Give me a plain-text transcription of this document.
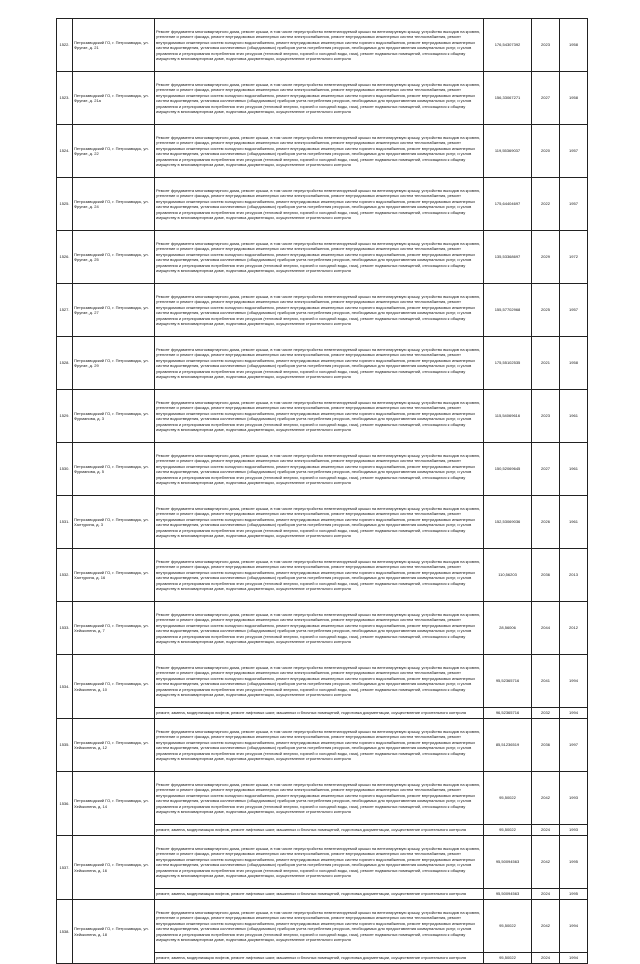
1522.	Петрозаводский ГО, г. Петрозаводск, ул. Фрунзе, д. 21	Ремонт фундамента многоквартирного дома, ремонт крыши, в том числе переустройство невентилируемой крыши на вентилируемую крышу, устройство выходов на кровлю, утепление и ремонт фасада, ремонт внутридомовых инженерных систем электроснабжения, ремонт внутридомовых инженерных систем теплоснабжения, ремонт внутридомовых инженерных систем холодного водоснабжения, ремонт внутридомовых инженерных систем горячего водоснабжения, ремонт внутридомовых инженерных систем водоотведения, установка коллективных (общедомовых) приборов учета потребления ресурсов, необходимых для предоставления коммунальных услуг, и узлов управления и регулирования потребления этих ресурсов (тепловой энергии, горячей и холодной воды, газа), ремонт подвальных помещений, относящихся к общему имуществу в многоквартирном доме, подготовка документации, осуществление строительного контроля	176,54307392	2023	1958
1523.	Петрозаводский ГО, г. Петрозаводск, ул. Фрунзе, д. 21а	Ремонт фундамента многоквартирного дома, ремонт крыши, в том числе переустройство невентилируемой крыши на вентилируемую крышу, устройство выходов на кровлю, утепление и ремонт фасада, ремонт внутридомовых инженерных систем электроснабжения, ремонт внутридомовых инженерных систем теплоснабжения, ремонт внутридомовых инженерных систем холодного водоснабжения, ремонт внутридомовых инженерных систем горячего водоснабжения, ремонт внутридомовых инженерных систем водоотведения, установка коллективных (общедомовых) приборов учета потребления ресурсов, необходимых для предоставления коммунальных услуг, и узлов управления и регулирования потребления этих ресурсов (тепловой энергии, горячей и холодной воды, газа), ремонт подвальных помещений, относящихся к общему имуществу в многоквартирном доме, подготовка документации, осуществление строительного контроля	156,33067271	2027	1958
1524.	Петрозаводский ГО, г. Петрозаводск, ул. Фрунзе, д. 22	Ремонт фундамента многоквартирного дома, ремонт крыши, в том числе переустройство невентилируемой крыши на вентилируемую крышу, устройство выходов на кровлю, утепление и ремонт фасада, ремонт внутридомовых инженерных систем электроснабжения, ремонт внутридомовых инженерных систем теплоснабжения, ремонт внутридомовых инженерных систем холодного водоснабжения, ремонт внутридомовых инженерных систем горячего водоснабжения, ремонт внутридомовых инженерных систем водоотведения, установка коллективных (общедомовых) приборов учета потребления ресурсов, необходимых для предоставления коммунальных услуг, и узлов управления и регулирования потребления этих ресурсов (тепловой энергии, горячей и холодной воды, газа), ремонт подвальных помещений, относящихся к общему имуществу в многоквартирном доме, подготовка документации, осуществление строительного контроля	119,55369037	2020	1957
1525.	Петрозаводский ГО, г. Петрозаводск, ул. Фрунзе, д. 24	Ремонт фундамента многоквартирного дома, ремонт крыши, в том числе переустройство невентилируемой крыши на вентилируемую крышу, устройство выходов на кровлю, утепление и ремонт фасада, ремонт внутридомовых инженерных систем электроснабжения, ремонт внутридомовых инженерных систем теплоснабжения, ремонт внутридомовых инженерных систем холодного водоснабжения, ремонт внутридомовых инженерных систем горячего водоснабжения, ремонт внутридомовых инженерных систем водоотведения, установка коллективных (общедомовых) приборов учета потребления ресурсов, необходимых для предоставления коммунальных услуг, и узлов управления и регулирования потребления этих ресурсов (тепловой энергии, горячей и холодной воды, газа), ремонт подвальных помещений, относящихся к общему имуществу в многоквартирном доме, подготовка документации, осуществление строительного контроля	175,64404697	2022	1957
1526.	Петрозаводский ГО, г. Петрозаводск, ул. Фрунзе, д. 25	Ремонт фундамента многоквартирного дома, ремонт крыши, в том числе переустройство невентилируемой крыши на вентилируемую крышу, устройство выходов на кровлю, утепление и ремонт фасада, ремонт внутридомовых инженерных систем электроснабжения, ремонт внутридомовых инженерных систем теплоснабжения, ремонт внутридомовых инженерных систем холодного водоснабжения, ремонт внутридомовых инженерных систем горячего водоснабжения, ремонт внутридомовых инженерных систем водоотведения, установка коллективных (общедомовых) приборов учета потребления ресурсов, необходимых для предоставления коммунальных услуг, и узлов управления и регулирования потребления этих ресурсов (тепловой энергии, горячей и холодной воды, газа), ремонт подвальных помещений, относящихся к общему имуществу в многоквартирном доме, подготовка документации, осуществление строительного контроля	135,53368697	2029	1972
1527.	Петрозаводский ГО, г. Петрозаводск, ул. Фрунзе, д. 27	Ремонт фундамента многоквартирного дома, ремонт крыши, в том числе переустройство невентилируемой крыши на вентилируемую крышу, устройство выходов на кровлю, утепление и ремонт фасада, ремонт внутридомовых инженерных систем электроснабжения, ремонт внутридомовых инженерных систем теплоснабжения, ремонт внутридомовых инженерных систем холодного водоснабжения, ремонт внутридомовых инженерных систем горячего водоснабжения, ремонт внутридомовых инженерных систем водоотведения, установка коллективных (общедомовых) приборов учета потребления ресурсов, необходимых для предоставления коммунальных услуг, и узлов управления и регулирования потребления этих ресурсов (тепловой энергии, горячей и холодной воды, газа), ремонт подвальных помещений, относящихся к общему имуществу в многоквартирном доме, подготовка документации, осуществление строительного контроля	155,57702968	2025	1957
1528.	Петрозаводский ГО, г. Петрозаводск, ул. Фрунзе, д. 29	Ремонт фундамента многоквартирного дома, ремонт крыши, в том числе переустройство невентилируемой крыши на вентилируемую крышу, устройство выходов на кровлю, утепление и ремонт фасада, ремонт внутридомовых инженерных систем электроснабжения, ремонт внутридомовых инженерных систем теплоснабжения, ремонт внутридомовых инженерных систем холодного водоснабжения, ремонт внутридомовых инженерных систем горячего водоснабжения, ремонт внутридомовых инженерных систем водоотведения, установка коллективных (общедомовых) приборов учета потребления ресурсов, необходимых для предоставления коммунальных услуг, и узлов управления и регулирования потребления этих ресурсов (тепловой энергии, горячей и холодной воды, газа), ремонт подвальных помещений, относящихся к общему имуществу в многоквартирном доме, подготовка документации, осуществление строительного контроля	175,55102535	2021	1958
1529.	Петрозаводский ГО, г. Петрозаводск, ул. Фурманова, д. 3	Ремонт фундамента многоквартирного дома, ремонт крыши, в том числе переустройство невентилируемой крыши на вентилируемую крышу, устройство выходов на кровлю, утепление и ремонт фасада, ремонт внутридомовых инженерных систем электроснабжения, ремонт внутридомовых инженерных систем теплоснабжения, ремонт внутридомовых инженерных систем холодного водоснабжения, ремонт внутридомовых инженерных систем горячего водоснабжения, ремонт внутридомовых инженерных систем водоотведения, установка коллективных (общедомовых) приборов учета потребления ресурсов, необходимых для предоставления коммунальных услуг, и узлов управления и регулирования потребления этих ресурсов (тепловой энергии, горячей и холодной воды, газа), ремонт подвальных помещений, относящихся к общему имуществу в многоквартирном доме, подготовка документации, осуществление строительного контроля	115,54069616	2023	1961
1530.	Петрозаводский ГО, г. Петрозаводск, ул. Фурманова, д. 5	Ремонт фундамента многоквартирного дома, ремонт крыши, в том числе переустройство невентилируемой крыши на вентилируемую крышу, устройство выходов на кровлю, утепление и ремонт фасада, ремонт внутридомовых инженерных систем электроснабжения, ремонт внутридомовых инженерных систем теплоснабжения, ремонт внутридомовых инженерных систем холодного водоснабжения, ремонт внутридомовых инженерных систем горячего водоснабжения, ремонт внутридомовых инженерных систем водоотведения, установка коллективных (общедомовых) приборов учета потребления ресурсов, необходимых для предоставления коммунальных услуг, и узлов управления и регулирования потребления этих ресурсов (тепловой энергии, горячей и холодной воды, газа), ремонт подвальных помещений, относящихся к общему имуществу в многоквартирном доме, подготовка документации, осуществление строительного контроля	150,52069645	2027	1961
1531.	Петрозаводский ГО, г. Петрозаводск, ул. Халтурина, д. 3	Ремонт фундамента многоквартирного дома, ремонт крыши, в том числе переустройство невентилируемой крыши на вентилируемую крышу, устройство выходов на кровлю, утепление и ремонт фасада, ремонт внутридомовых инженерных систем электроснабжения, ремонт внутридомовых инженерных систем теплоснабжения, ремонт внутридомовых инженерных систем холодного водоснабжения, ремонт внутридомовых инженерных систем горячего водоснабжения, ремонт внутридомовых инженерных систем водоотведения, установка коллективных (общедомовых) приборов учета потребления ресурсов, необходимых для предоставления коммунальных услуг, и узлов управления и регулирования потребления этих ресурсов (тепловой энергии, горячей и холодной воды, газа), ремонт подвальных помещений, относящихся к общему имуществу в многоквартирном доме, подготовка документации, осуществление строительного контроля	152,53069036	2026	1961
1532.	Петрозаводский ГО, г. Петрозаводск, ул. Халтурина, д. 16	Ремонт фундамента многоквартирного дома, ремонт крыши, в том числе переустройство невентилируемой крыши на вентилируемую крышу, устройство выходов на кровлю, утепление и ремонт фасада, ремонт внутридомовых инженерных систем электроснабжения, ремонт внутридомовых инженерных систем теплоснабжения, ремонт внутридомовых инженерных систем холодного водоснабжения, ремонт внутридомовых инженерных систем горячего водоснабжения, ремонт внутридомовых инженерных систем водоотведения, установка коллективных (общедомовых) приборов учета потребления ресурсов, необходимых для предоставления коммунальных услуг, и узлов управления и регулирования потребления этих ресурсов (тепловой энергии, горячей и холодной воды, газа), ремонт подвальных помещений, относящихся к общему имуществу в многоквартирном доме, подготовка документации, осуществление строительного контроля	110,56203	2036	2013
1533.	Петрозаводский ГО, г. Петрозаводск, ул. Хейкконена, д. 7	Ремонт фундамента многоквартирного дома, ремонт крыши, в том числе переустройство невентилируемой крыши на вентилируемую крышу, устройство выходов на кровлю, утепление и ремонт фасада, ремонт внутридомовых инженерных систем электроснабжения, ремонт внутридомовых инженерных систем теплоснабжения, ремонт внутридомовых инженерных систем холодного водоснабжения, ремонт внутридомовых инженерных систем горячего водоснабжения, ремонт внутридомовых инженерных систем водоотведения, установка коллективных (общедомовых) приборов учета потребления ресурсов, необходимых для предоставления коммунальных услуг, и узлов управления и регулирования потребления этих ресурсов (тепловой энергии, горячей и холодной воды, газа), ремонт подвальных помещений, относящихся к общему имуществу в многоквартирном доме, подготовка документации, осуществление строительного контроля	28,56006	2044	2012
1534.	Петрозаводский ГО, г. Петрозаводск, ул. Хейкконена, д. 10	Ремонт фундамента многоквартирного дома, ремонт крыши, в том числе переустройство невентилируемой крыши на вентилируемую крышу, устройство выходов на кровлю, утепление и ремонт фасада, ремонт внутридомовых инженерных систем электроснабжения, ремонт внутридомовых инженерных систем теплоснабжения, ремонт внутридомовых инженерных систем холодного водоснабжения, ремонт внутридомовых инженерных систем горячего водоснабжения, ремонт внутридомовых инженерных систем водоотведения, установка коллективных (общедомовых) приборов учета потребления ресурсов, необходимых для предоставления коммунальных услуг, и узлов управления и регулирования потребления этих ресурсов (тепловой энергии, горячей и холодной воды, газа), ремонт подвальных помещений, относящихся к общему имуществу в многоквартирном доме, подготовка документации, осуществление строительного контроля	95,52365716	2041	1994
		ремонт, замена, модернизация лифтов, ремонт лифтовых шахт, машинных и блочных помещений, подготовка документации, осуществление строительного контроля	96,52365716	2032	1994
1535.	Петрозаводский ГО, г. Петрозаводск, ул. Хейкконена, д. 12	Ремонт фундамента многоквартирного дома, ремонт крыши, в том числе переустройство невентилируемой крыши на вентилируемую крышу, устройство выходов на кровлю, утепление и ремонт фасада, ремонт внутридомовых инженерных систем электроснабжения, ремонт внутридомовых инженерных систем теплоснабжения, ремонт внутридомовых инженерных систем холодного водоснабжения, ремонт внутридомовых инженерных систем горячего водоснабжения, ремонт внутридомовых инженерных систем водоотведения, установка коллективных (общедомовых) приборов учета потребления ресурсов, необходимых для предоставления коммунальных услуг, и узлов управления и регулирования потребления этих ресурсов (тепловой энергии, горячей и холодной воды, газа), ремонт подвальных помещений, относящихся к общему имуществу в многоквартирном доме, подготовка документации, осуществление строительного контроля	85,51236519	2036	1997
1536.	Петрозаводский ГО, г. Петрозаводск, ул. Хейкконена, д. 14	Ремонт фундамента многоквартирного дома, ремонт крыши, в том числе переустройство невентилируемой крыши на вентилируемую крышу, устройство выходов на кровлю, утепление и ремонт фасада, ремонт внутридомовых инженерных систем электроснабжения, ремонт внутридомовых инженерных систем теплоснабжения, ремонт внутридомовых инженерных систем холодного водоснабжения, ремонт внутридомовых инженерных систем горячего водоснабжения, ремонт внутридомовых инженерных систем водоотведения, установка коллективных (общедомовых) приборов учета потребления ресурсов, необходимых для предоставления коммунальных услуг, и узлов управления и регулирования потребления этих ресурсов (тепловой энергии, горячей и холодной воды, газа), ремонт подвальных помещений, относящихся к общему имуществу в многоквартирном доме, подготовка документации, осуществление строительного контроля	95,50022	2042	1993
		ремонт, замена, модернизация лифтов, ремонт лифтовых шахт, машинных и блочных помещений, подготовка документации, осуществление строительного контроля	95,50022	2024	1993
1537.	Петрозаводский ГО, г. Петрозаводск, ул. Хейкконена, д. 16	Ремонт фундамента многоквартирного дома, ремонт крыши, в том числе переустройство невентилируемой крыши на вентилируемую крышу, устройство выходов на кровлю, утепление и ремонт фасада, ремонт внутридомовых инженерных систем электроснабжения, ремонт внутридомовых инженерных систем теплоснабжения, ремонт внутридомовых инженерных систем холодного водоснабжения, ремонт внутридомовых инженерных систем горячего водоснабжения, ремонт внутридомовых инженерных систем водоотведения, установка коллективных (общедомовых) приборов учета потребления ресурсов, необходимых для предоставления коммунальных услуг, и узлов управления и регулирования потребления этих ресурсов (тепловой энергии, горячей и холодной воды, газа), ремонт подвальных помещений, относящихся к общему имуществу в многоквартирном доме, подготовка документации, осуществление строительного контроля	95,50094563	2042	1995
		ремонт, замена, модернизация лифтов, ремонт лифтовых шахт, машинных и блочных помещений, подготовка документации, осуществление строительного контроля	95,50094563	2024	1995
1538.	Петрозаводский ГО, г. Петрозаводск, ул. Хейкконена, д. 18	Ремонт фундамента многоквартирного дома, ремонт крыши, в том числе переустройство невентилируемой крыши на вентилируемую крышу, устройство выходов на кровлю, утепление и ремонт фасада, ремонт внутридомовых инженерных систем электроснабжения, ремонт внутридомовых инженерных систем теплоснабжения, ремонт внутридомовых инженерных систем холодного водоснабжения, ремонт внутридомовых инженерных систем горячего водоснабжения, ремонт внутридомовых инженерных систем водоотведения, установка коллективных (общедомовых) приборов учета потребления ресурсов, необходимых для предоставления коммунальных услуг, и узлов управления и регулирования потребления этих ресурсов (тепловой энергии, горячей и холодной воды, газа), ремонт подвальных помещений, относящихся к общему имуществу в многоквартирном доме, подготовка документации, осуществление строительного контроля	95,50022	2042	1994
		ремонт, замена, модернизация лифтов, ремонт лифтовых шахт, машинных и блочных помещений, подготовка документации, осуществление строительного контроля	95,50022	2024	1994
